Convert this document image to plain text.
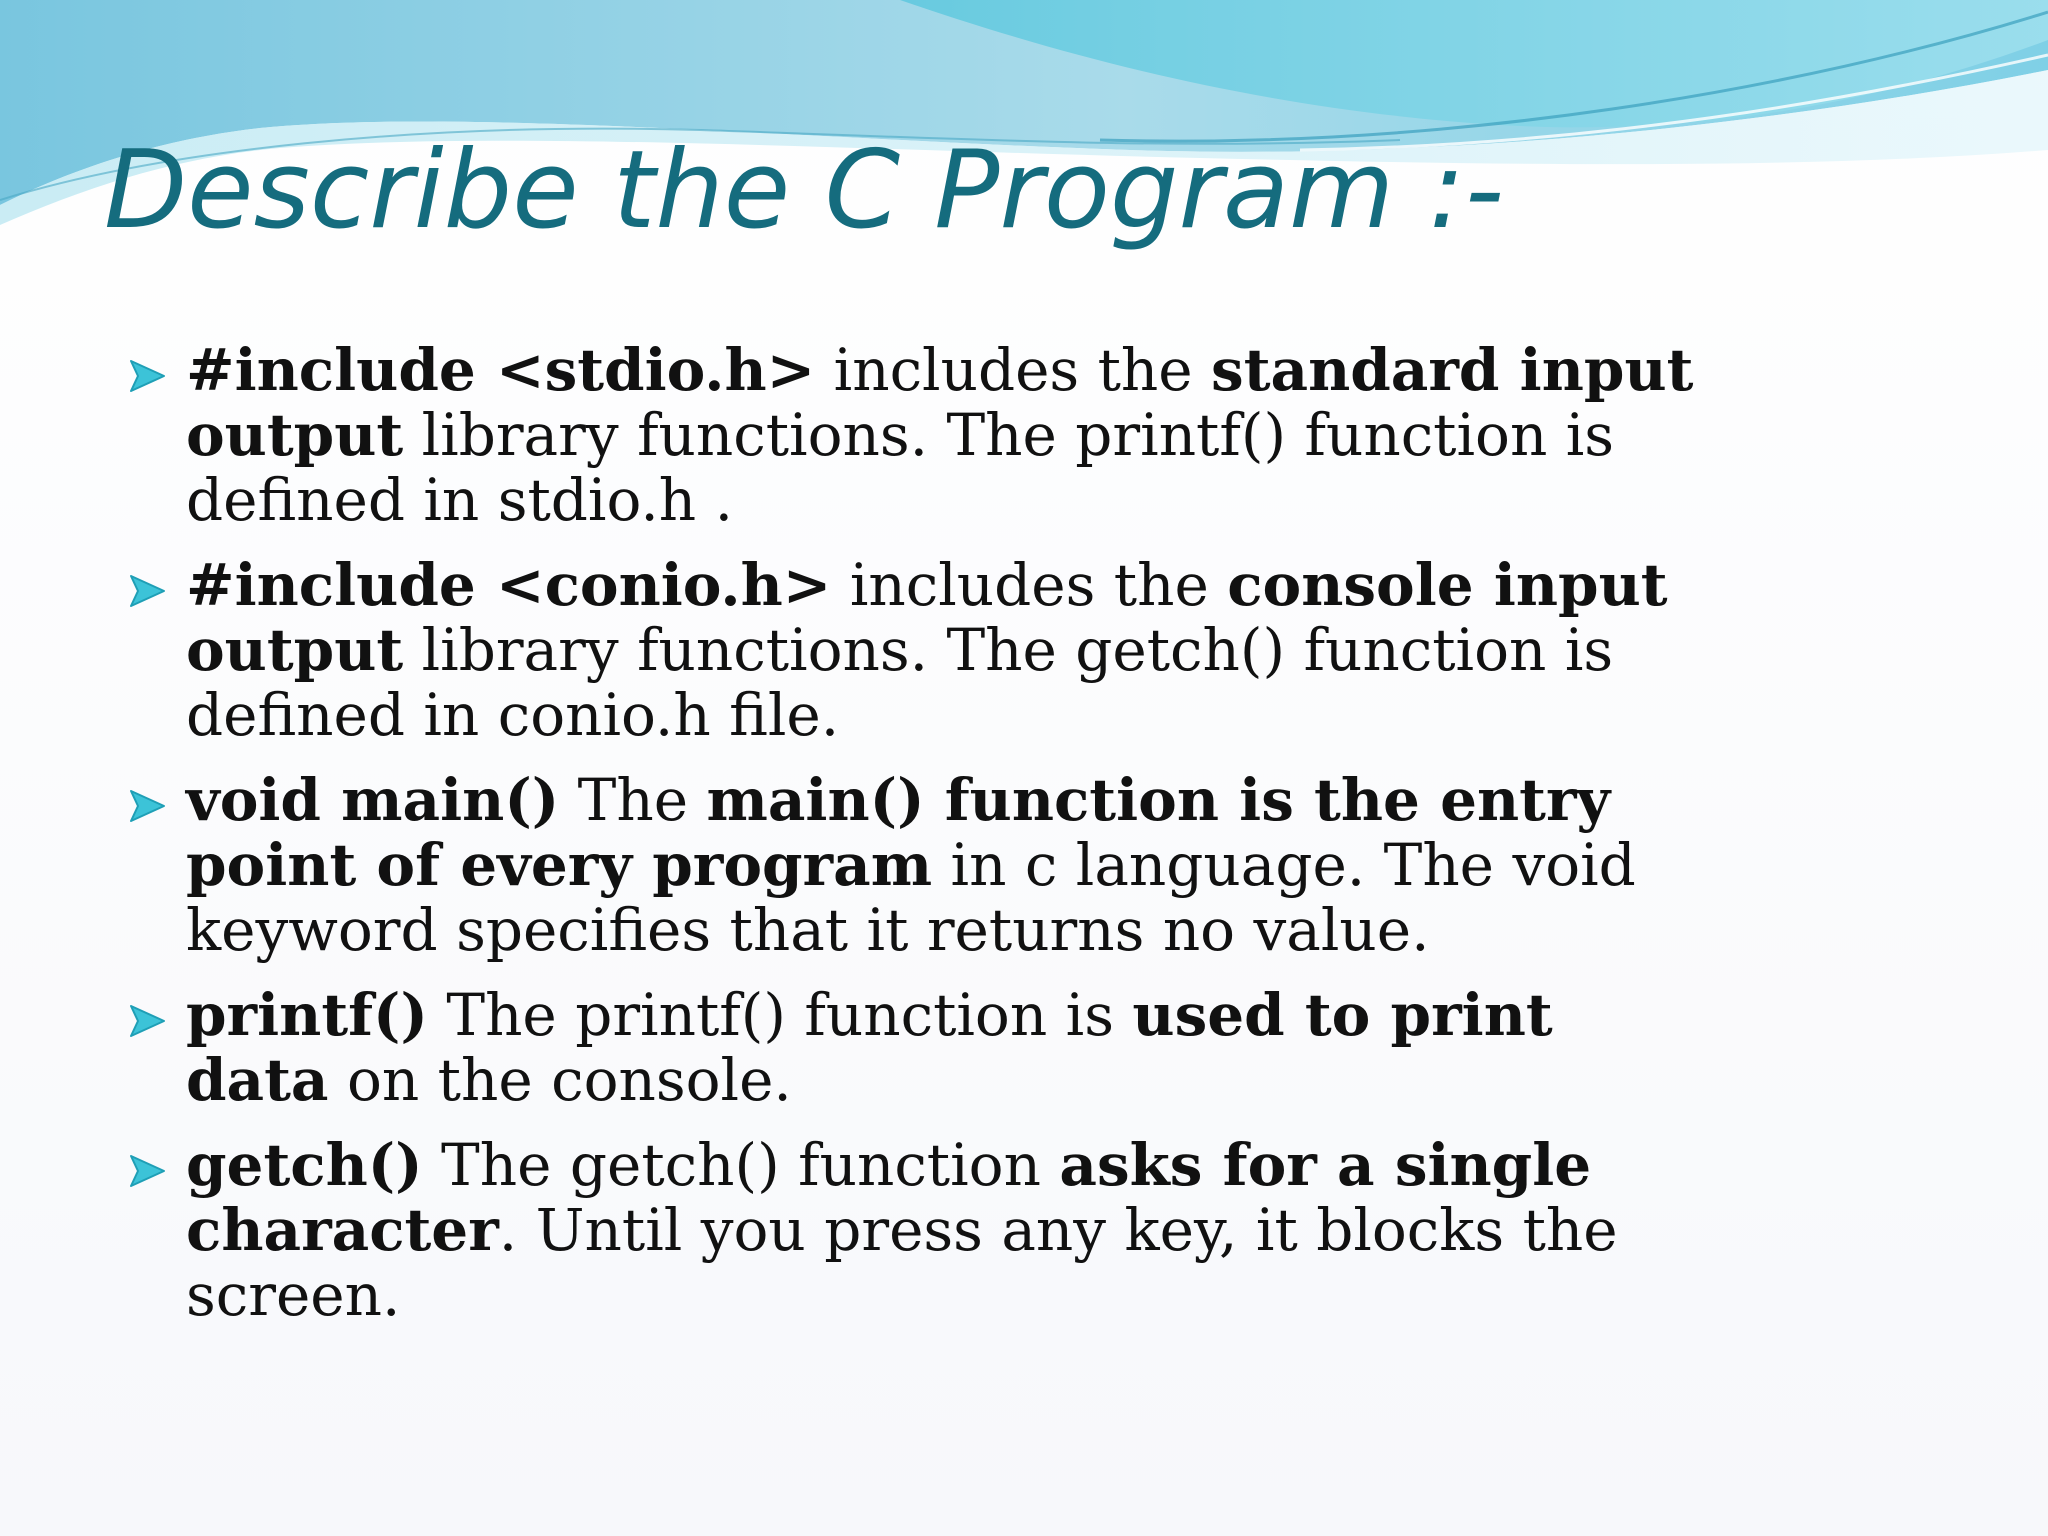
Describe the C Program :-
#include <stdio.h> includes the standard input output library functions. The printf() function is defined in stdio.h .
#include <conio.h> includes the console input output library functions. The getch() function is defined in conio.h file.
void main() The main() function is the entry point of every program in c language. The void keyword specifies that it returns no value.
printf() The printf() function is used to print data on the console.
getch() The getch() function asks for a single character. Until you press any key, it blocks the screen.
